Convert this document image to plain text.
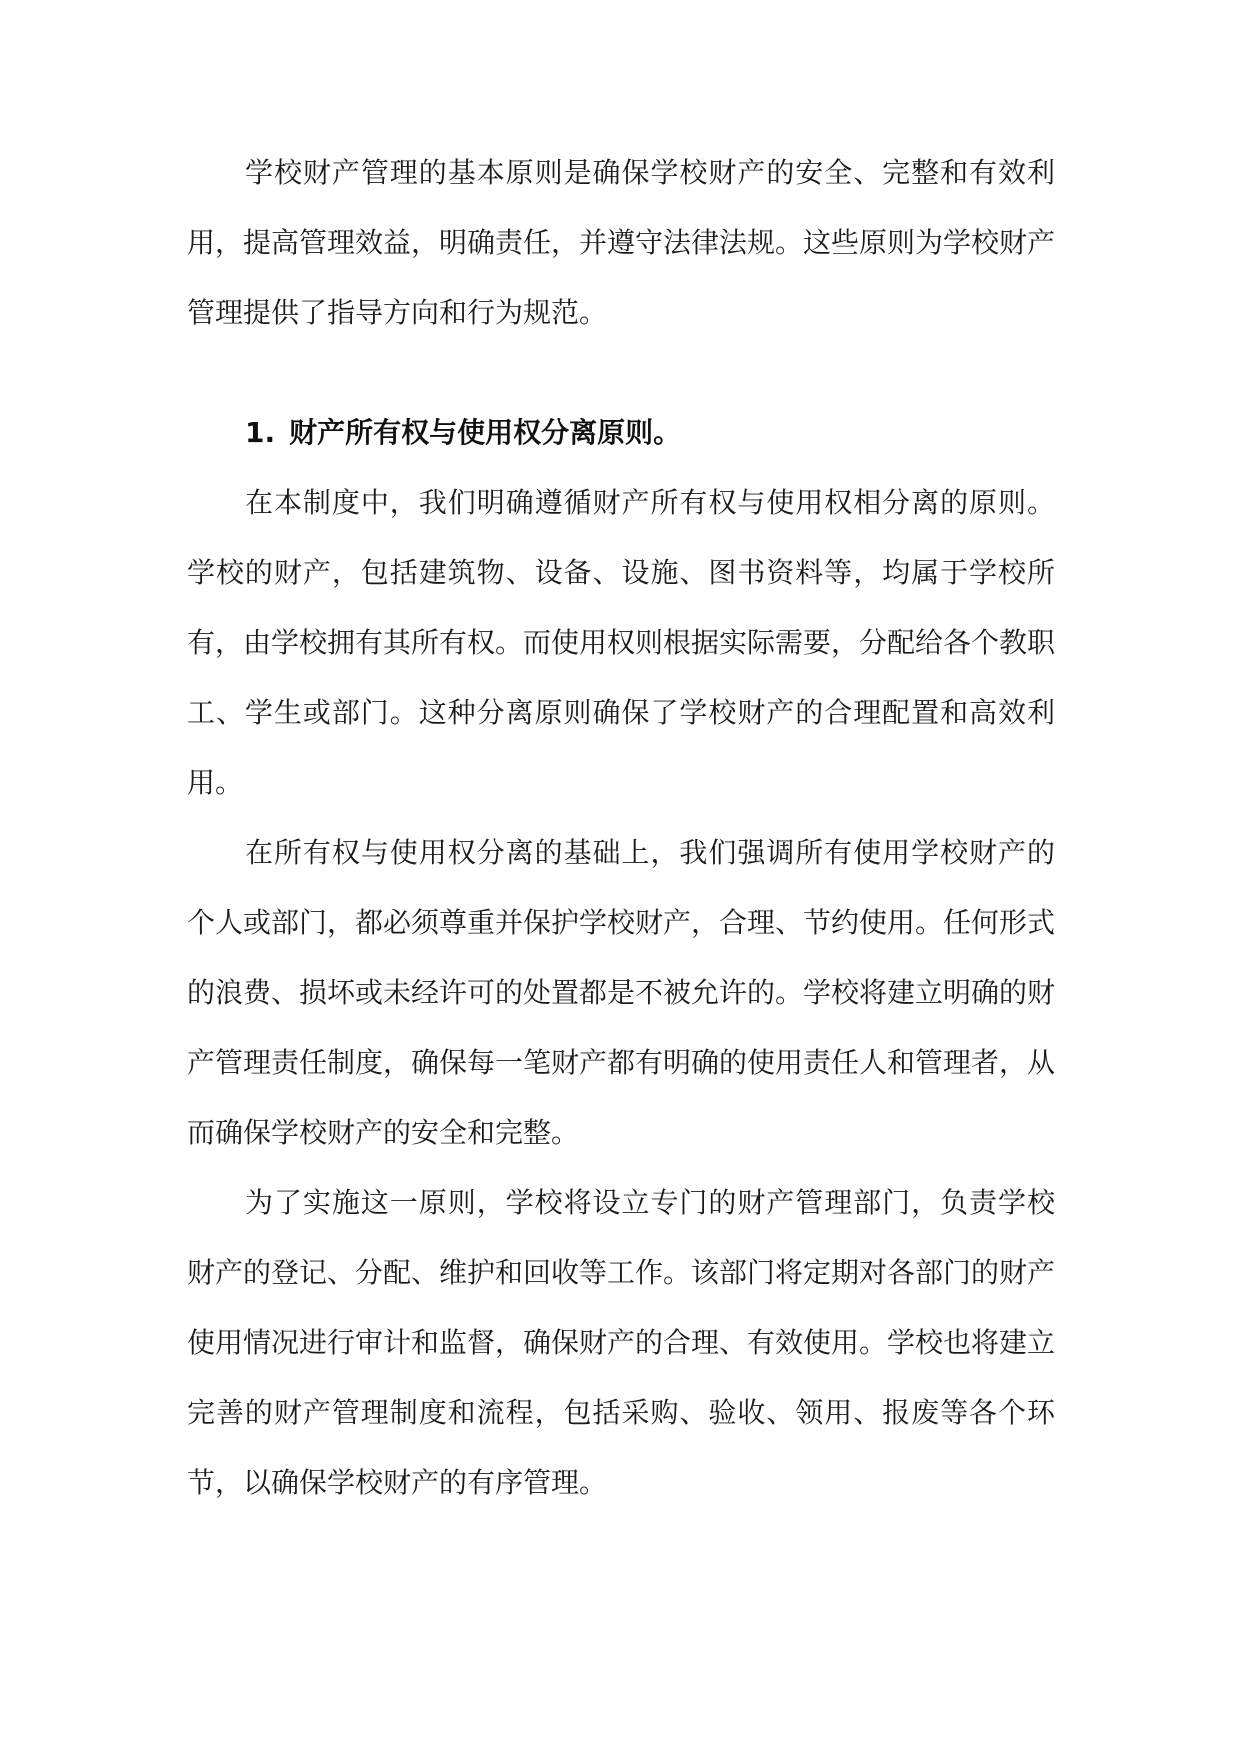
学校财产管理的基本原则是确保学校财产的安全、完整和有效利用，提高管理效益，明确责任，并遵守法律法规。这些原则为学校财产管理提供了指导方向和行为规范。

1. 财产所有权与使用权分离原则。

在本制度中，我们明确遵循财产所有权与使用权相分离的原则。学校的财产，包括建筑物、设备、设施、图书资料等，均属于学校所有，由学校拥有其所有权。而使用权则根据实际需要，分配给各个教职工、学生或部门。这种分离原则确保了学校财产的合理配置和高效利用。

在所有权与使用权分离的基础上，我们强调所有使用学校财产的个人或部门，都必须尊重并保护学校财产，合理、节约使用。任何形式的浪费、损坏或未经许可的处置都是不被允许的。学校将建立明确的财产管理责任制度，确保每一笔财产都有明确的使用责任人和管理者，从而确保学校财产的安全和完整。

为了实施这一原则，学校将设立专门的财产管理部门，负责学校财产的登记、分配、维护和回收等工作。该部门将定期对各部门的财产使用情况进行审计和监督，确保财产的合理、有效使用。学校也将建立完善的财产管理制度和流程，包括采购、验收、领用、报废等各个环节，以确保学校财产的有序管理。
